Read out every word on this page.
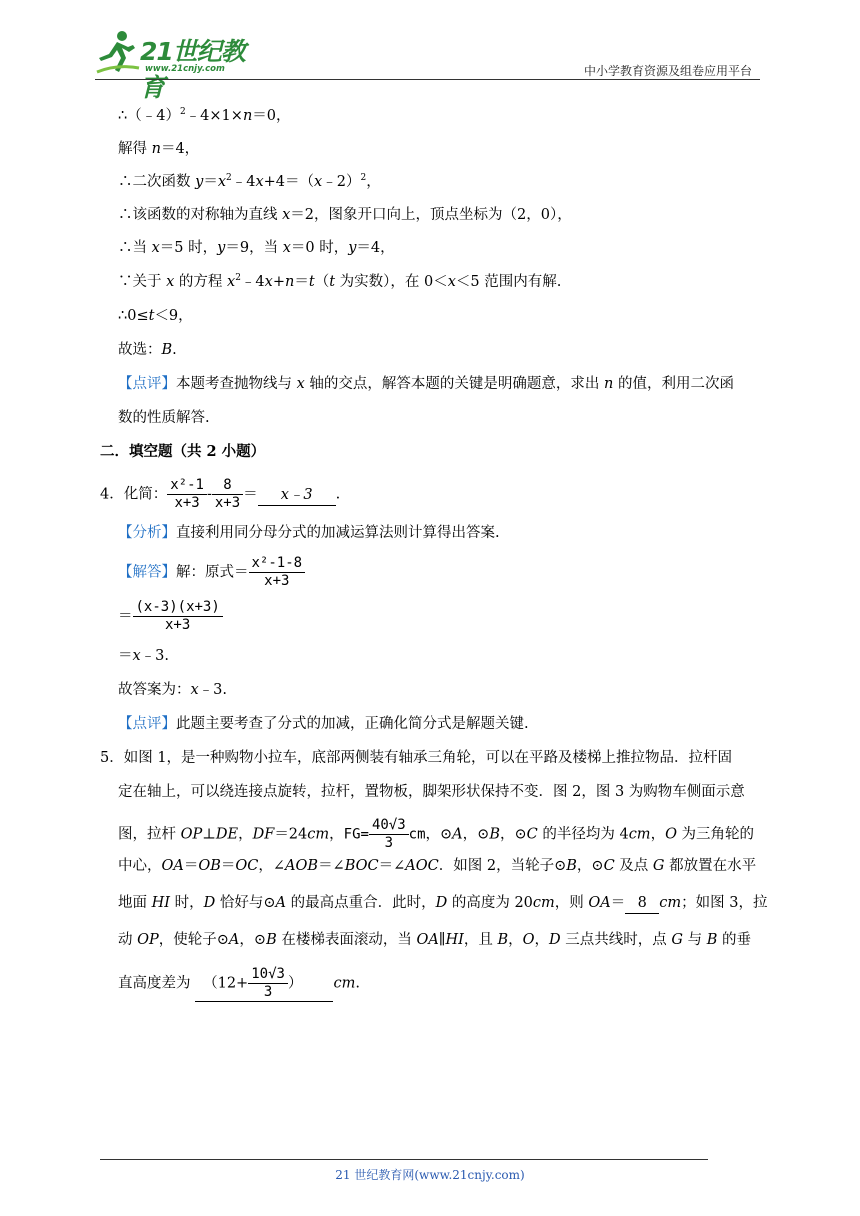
21世纪教育
www.21cnjy.com	中小学教育资源及组卷应用平台
∴（﹣4）$^2$﹣4×1×n＝0，
解得 n＝4，
∴二次函数 $y=x^2﹣4x+4=(x﹣2)^2$，
∴该函数的对称轴为直线 x＝2，图象开口向上，顶点坐标为（2，0），
∴当 x＝5 时，y＝9，当 x＝0 时，y＝4，
∵关于 x 的方程 $x^2﹣4x+n=t(t$ 为实数），在 0＜x＜5 范围内有解.
∴0≤t＜9，
故选：B.
【点评】本题考查抛物线与 x 轴的交点，解答本题的关键是明确题意，求出 n 的值，利用二次函
数的性质解答.
二．填空题（共 2 小题）
4．化简： $\frac{\text{x²-1}}{x+3} - \frac{8}{x+3}$ ＝ x﹣3 .
【分析】直接利用同分母分式的加减运算法则计算得出答案.
【解答】解：原式＝ $\frac{\text{x²-1-8}}{x+3}$
＝ $\frac{(x-3)(x+3)}{x+3}$
＝x﹣3.
故答案为：x﹣3.
【点评】此题主要考查了分式的加减，正确化简分式是解题关键.
5．如图 1，是一种购物小拉车，底部两侧装有轴承三角轮，可以在平路及楼梯上推拉物品．拉杆固
定在轴上，可以绕连接点旋转，拉杆，置物板，脚架形状保持不变．图 2，图 3 为购物车侧面示意
图，拉杆 OP⊥DE，DF＝24cm，$FG= \frac{40√3}{3}$ cm，⊙A，⊙B，⊙C 的半径均为 4cm，O 为三角轮的
中心，OA＝OB＝OC，∠AOB＝∠BOC＝∠AOC．如图 2，当轮子⊙B，⊙C 及点 G 都放置在水平
地面 HI 时，D 恰好与⊙A 的最高点重合．此时，D 的高度为 20cm，则 OA＝ 8 cm；如图 3，拉
动 OP，使轮子⊙A，⊙B 在楼梯表面滚动，当 OA∥HI，且 B，O，D 三点共线时，点 G 与 B 的垂
直高度差为 （$12+ \frac{10√3}{3}$ ） cm.
21 世纪教育网(www.21cnjy.com)
